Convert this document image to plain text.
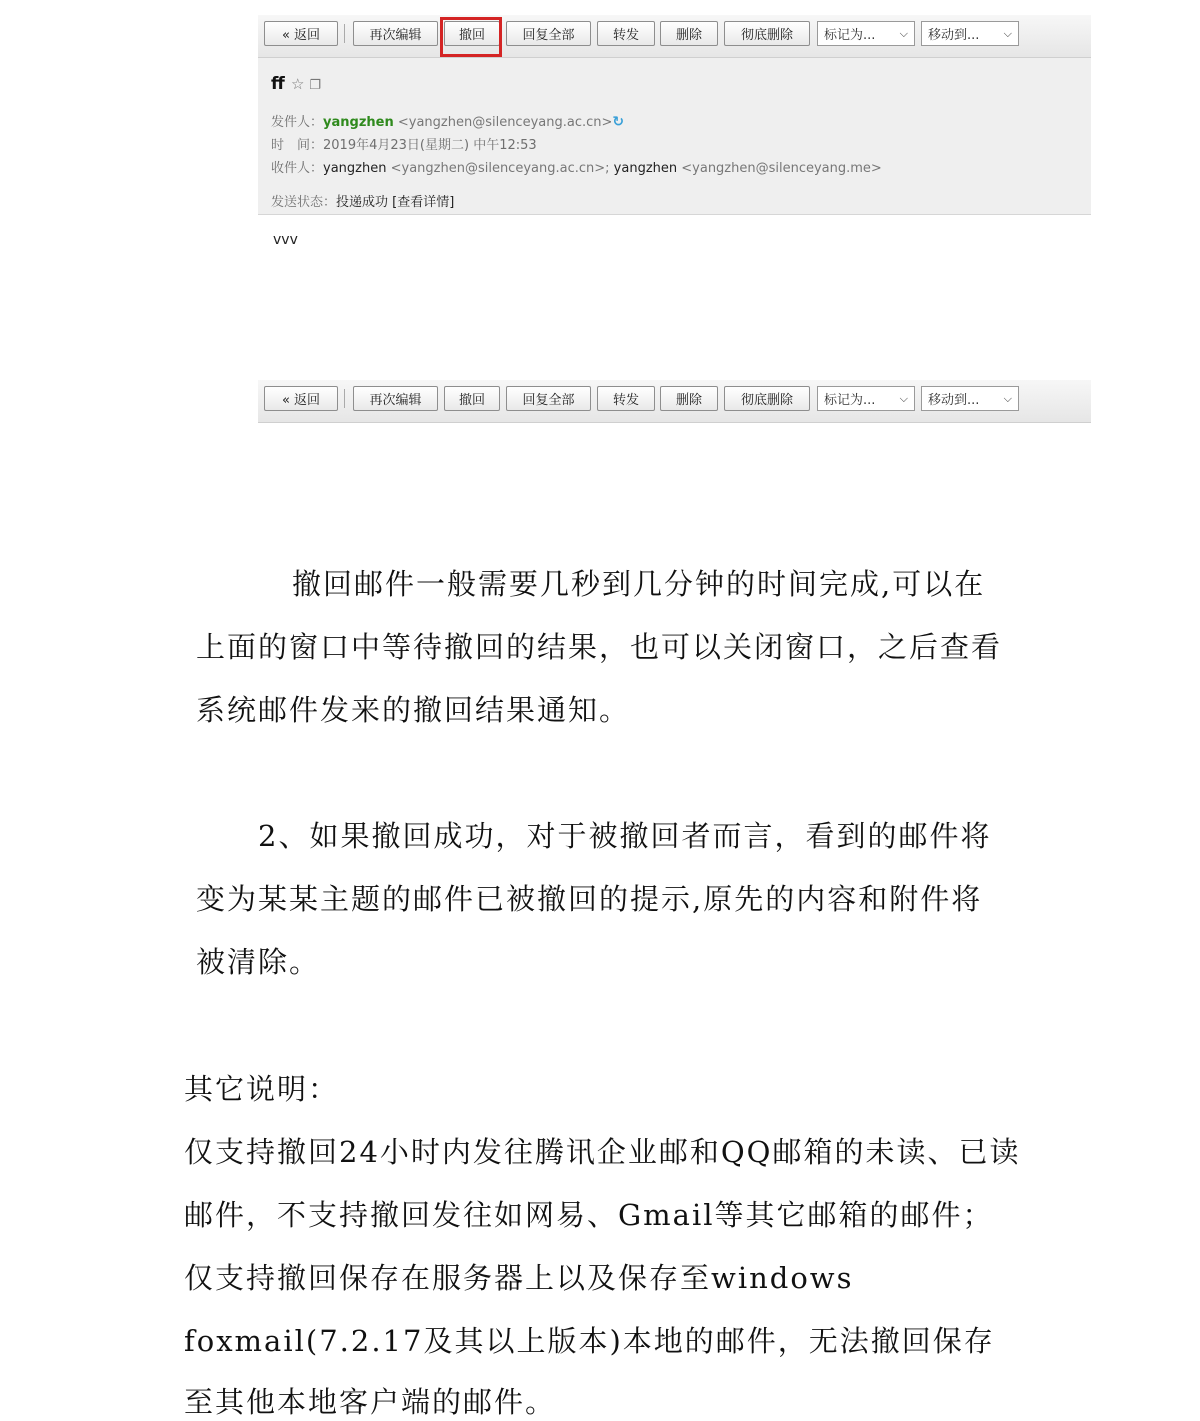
« 返回	再次编辑	撤回	回复全部	转发	删除	彻底删除	标记为... ⌵ 移动到... ⌵
ff ☆ ❐
发件人：yangzhen <yangzhen@silenceyang.ac.cn>↻
时　间：2019年4月23日(星期二) 中午12:53
收件人：yangzhen <yangzhen@silenceyang.ac.cn>; yangzhen <yangzhen@silenceyang.me>
发送状态：投递成功 [查看详情]
vvv
« 返回	再次编辑	撤回	回复全部	转发	删除	彻底删除	标记为... ⌵ 移动到... ⌵
撤回邮件一般需要几秒到几分钟的时间完成,可以在
上面的窗口中等待撤回的结果，也可以关闭窗口，之后查看
系统邮件发来的撤回结果通知。
2、如果撤回成功，对于被撤回者而言，看到的邮件将
变为某某主题的邮件已被撤回的提示,原先的内容和附件将
被清除。
其它说明：
仅支持撤回24小时内发往腾讯企业邮和QQ邮箱的未读、已读
邮件，不支持撤回发往如网易、Gmail等其它邮箱的邮件；
仅支持撤回保存在服务器上以及保存至windows
foxmail(7.2.17及其以上版本)本地的邮件，无法撤回保存
至其他本地客户端的邮件。
